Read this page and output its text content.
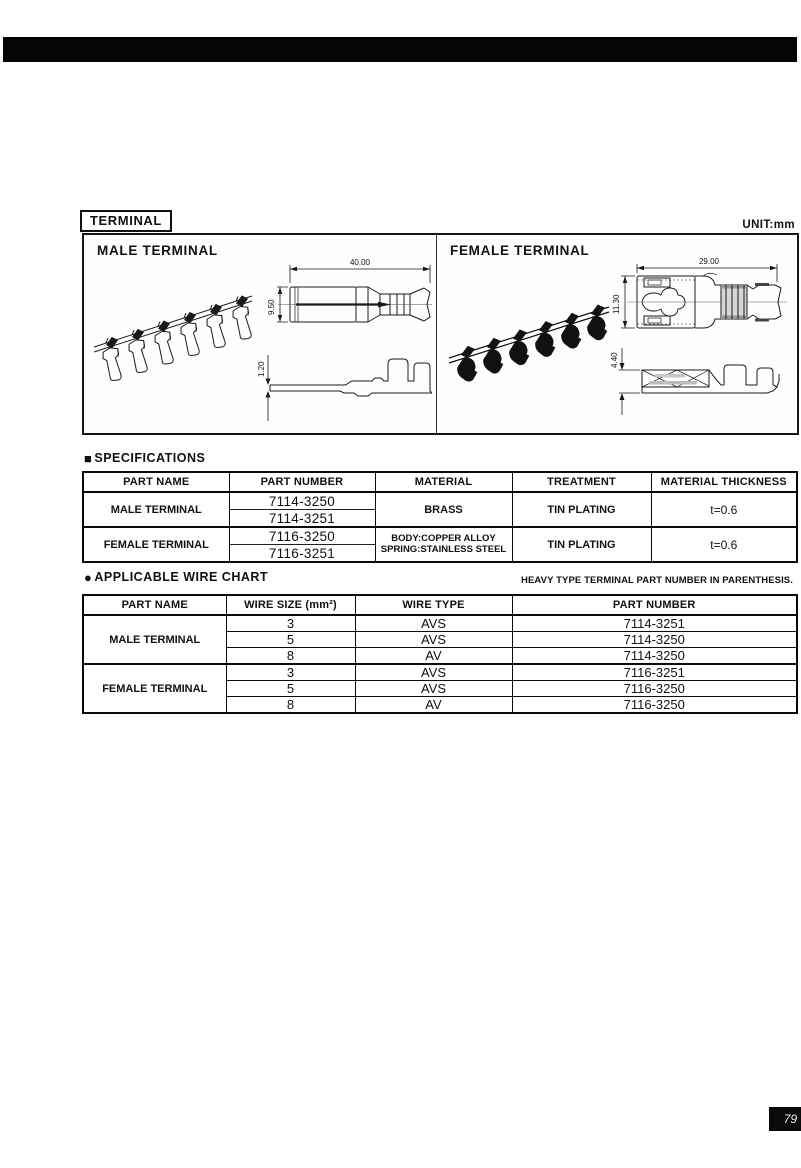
TERMINAL	UNIT:mm
40.00
9.50
1.20
MALE TERMINAL
29.00
11.30
4.40
FEMALE TERMINAL
■ SPECIFICATIONS
PART NAME	PART NUMBER	MATERIAL	TREATMENT	MATERIAL THICKNESS
MALE TERMINAL	7114-3250	BRASS	TIN PLATING	t=0.6
	7114-3251			
FEMALE TERMINAL	7116-3250	BODY:COPPER ALLOY
SPRING:STAINLESS STEEL	TIN PLATING	t=0.6
	7116-3251			
● APPLICABLE WIRE CHART	HEAVY TYPE TERMINAL PART NUMBER IN PARENTHESIS.
PART NAME	WIRE SIZE (mm²)	WIRE TYPE	PART NUMBER
MALE TERMINAL	3	AVS	7114-3251
	5	AVS	7114-3250
	8	AV	7114-3250
FEMALE TERMINAL	3	AVS	7116-3251
	5	AVS	7116-3250
	8	AV	7116-3250
79
